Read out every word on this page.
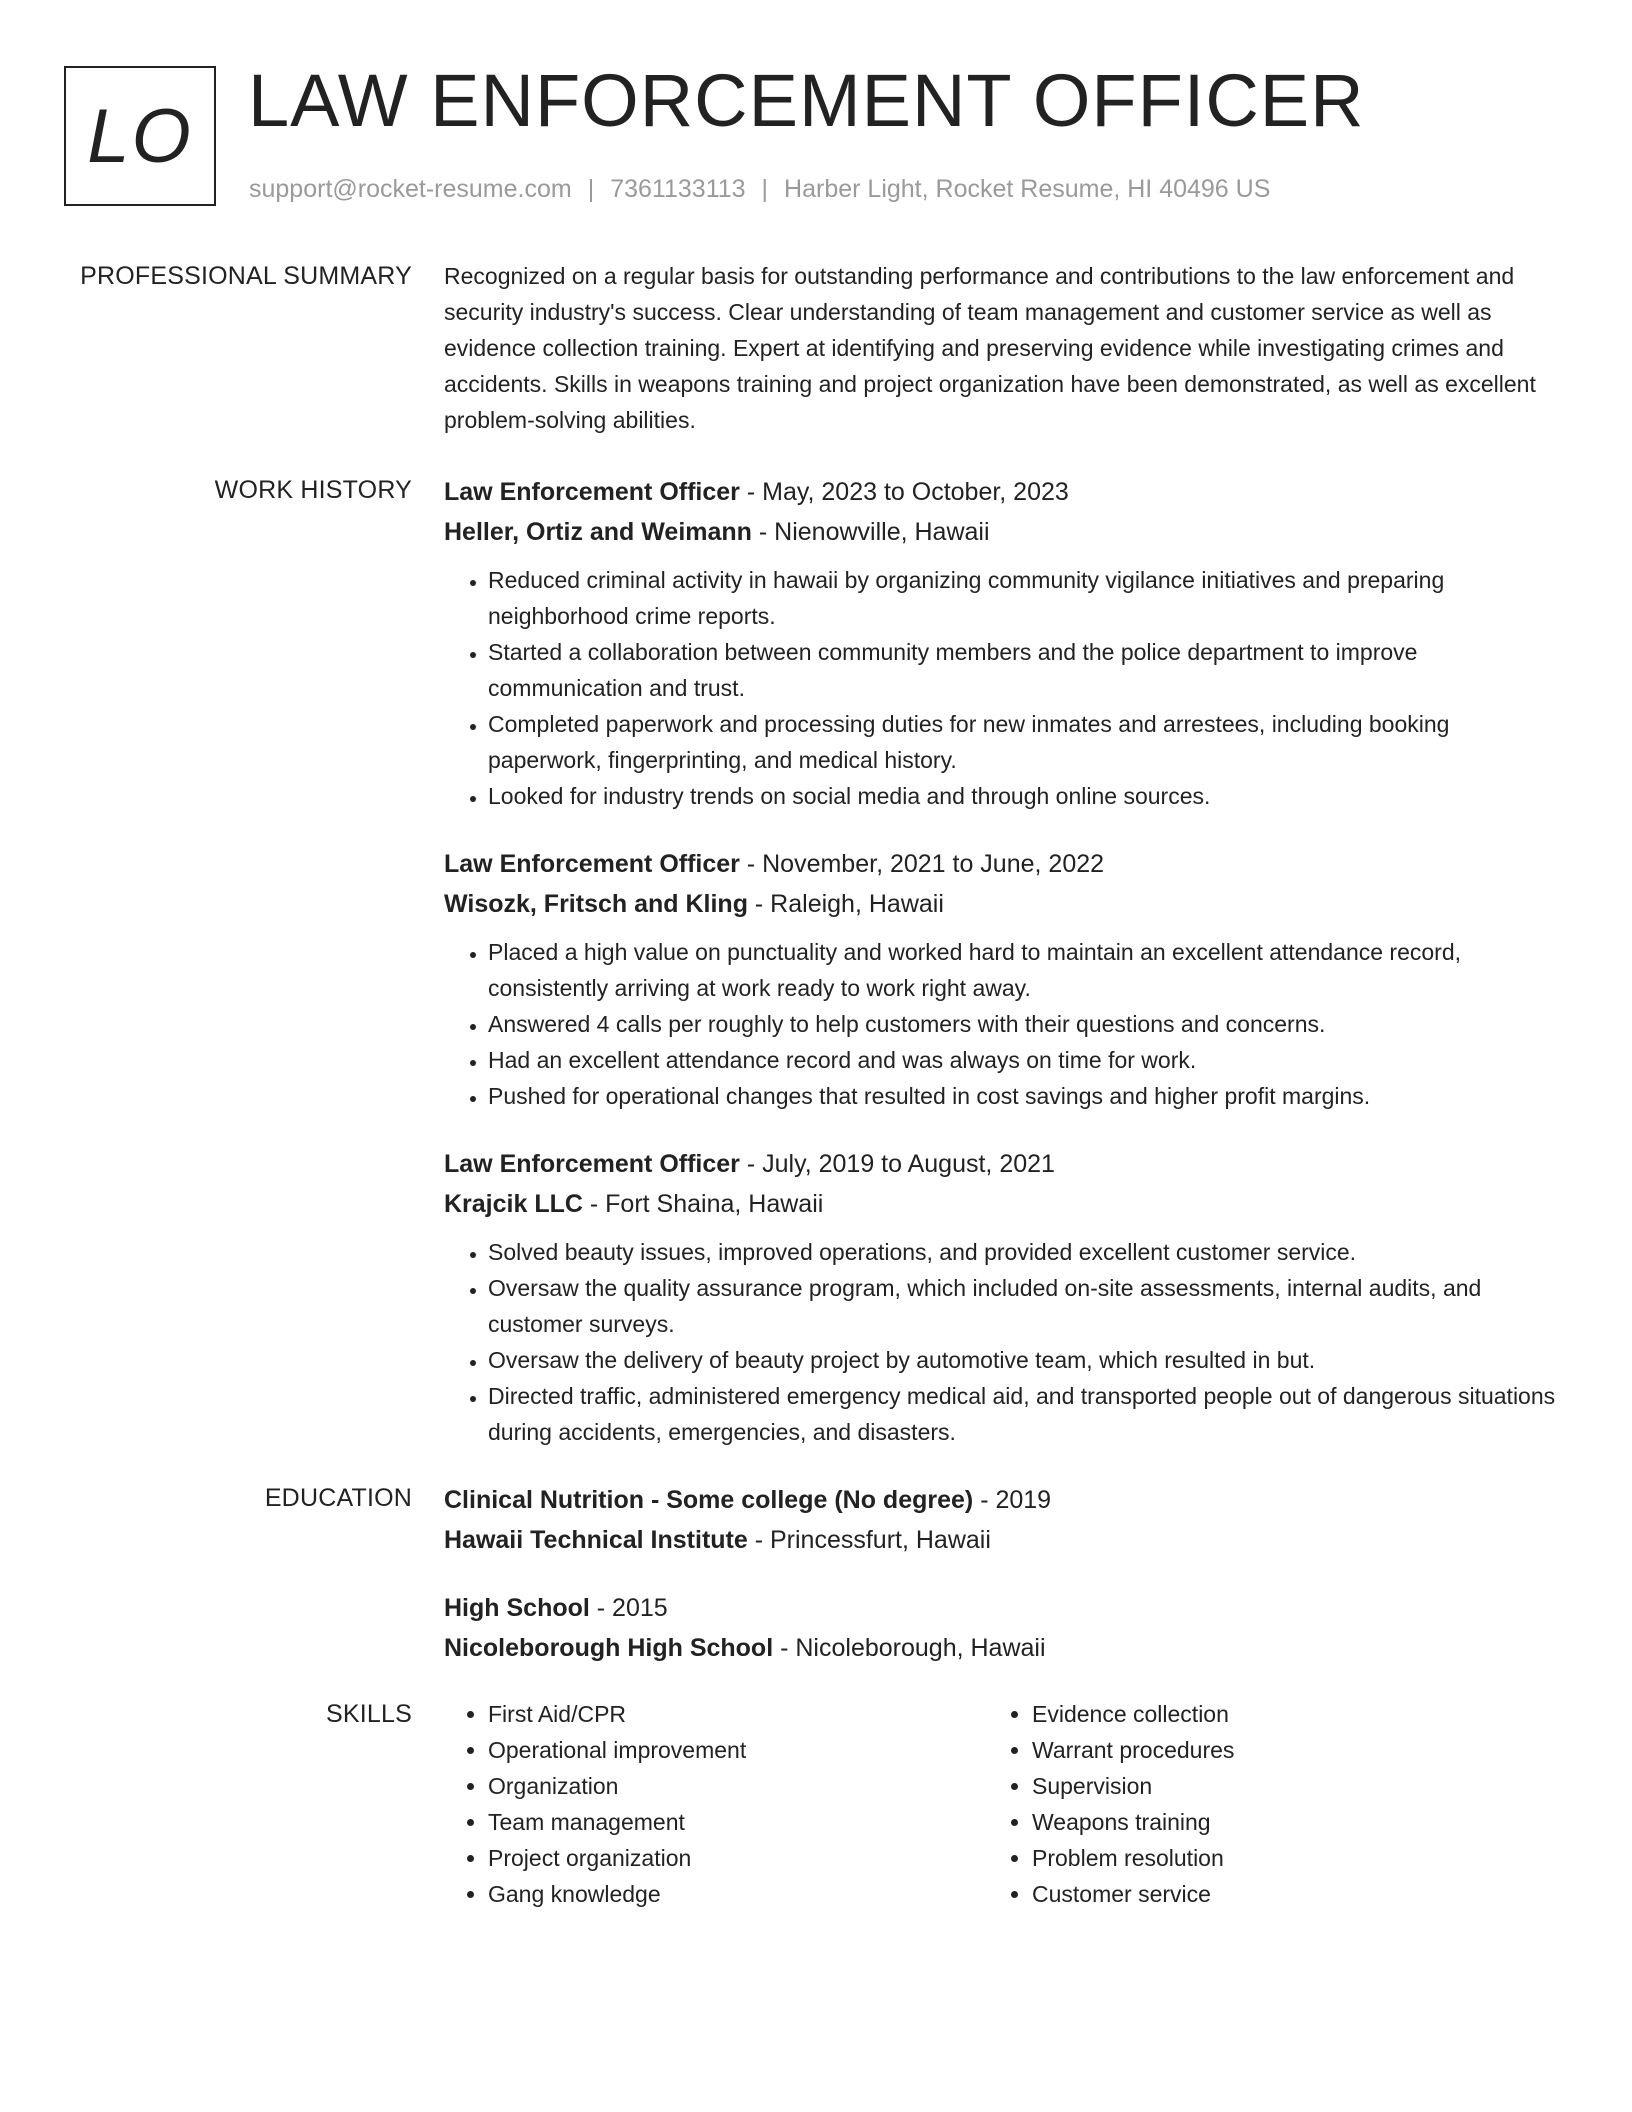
LO LAW ENFORCEMENT OFFICER
support@rocket-resume.com | 7361133113 | Harber Light, Rocket Resume, HI 40496 US
PROFESSIONAL SUMMARY Recognized on a regular basis for outstanding performance and contributions to the law enforcement and security industry's success. Clear understanding of team management and customer service as well as evidence collection training. Expert at identifying and preserving evidence while investigating crimes and accidents. Skills in weapons training and project organization have been demonstrated, as well as excellent problem-solving abilities.

WORK HISTORY Law Enforcement Officer - May, 2023 to October, 2023
Heller, Ortiz and Weimann - Nienowville, Hawaii
• Reduced criminal activity in hawaii by organizing community vigilance initiatives and preparing neighborhood crime reports.
• Started a collaboration between community members and the police department to improve communication and trust.
• Completed paperwork and processing duties for new inmates and arrestees, including booking paperwork, fingerprinting, and medical history.
• Looked for industry trends on social media and through online sources.
Law Enforcement Officer - November, 2021 to June, 2022
Wisozk, Fritsch and Kling - Raleigh, Hawaii
• Placed a high value on punctuality and worked hard to maintain an excellent attendance record, consistently arriving at work ready to work right away.
• Answered 4 calls per roughly to help customers with their questions and concerns.
• Had an excellent attendance record and was always on time for work.
• Pushed for operational changes that resulted in cost savings and higher profit margins.
Law Enforcement Officer - July, 2019 to August, 2021
Krajcik LLC - Fort Shaina, Hawaii
• Solved beauty issues, improved operations, and provided excellent customer service.
• Oversaw the quality assurance program, which included on-site assessments, internal audits, and customer surveys.
• Oversaw the delivery of beauty project by automotive team, which resulted in but.
• Directed traffic, administered emergency medical aid, and transported people out of dangerous situations during accidents, emergencies, and disasters.
EDUCATION Clinical Nutrition - Some college (No degree) - 2019
Hawaii Technical Institute - Princessfurt, Hawaii
High School - 2015
Nicoleborough High School - Nicoleborough, Hawaii
SKILLS
•	First Aid/CPR
• Operational improvement
• Organization
• Team management
• Project organization
• Gang knowledge
• Evidence collection
• Warrant procedures
• Supervision
• Weapons training
• Problem resolution
• Customer service
